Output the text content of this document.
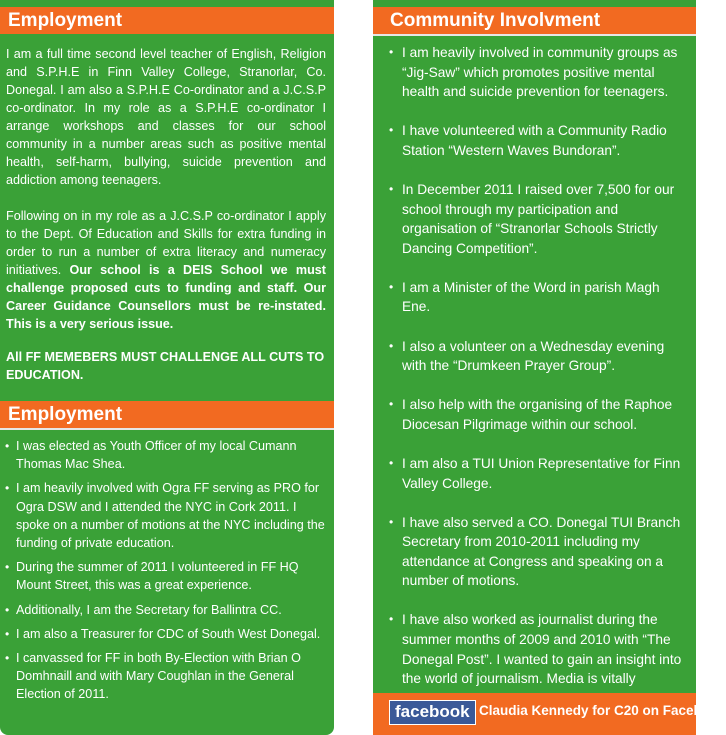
Employment
I am a full time second level teacher of English, Religion and S.P.H.E in Finn Valley College, Stranorlar, Co. Donegal. I am also a S.P.H.E Co-ordinator and a J.C.S.P co-ordinator. In my role as a S.P.H.E co-ordinator I arrange workshops and classes for our school community in a number areas such as positive mental health, self-harm, bullying, suicide prevention and addiction among teenagers.
Following on in my role as a J.C.S.P co-ordinator I apply to the Dept. Of Education and Skills for extra funding in order to run a number of extra literacy and numeracy initiatives. Our school is a DEIS School we must challenge proposed cuts to funding and staff. Our Career Guidance Counsellors must be re-instated. This is a very serious issue.
All FF MEMEBERS MUST CHALLENGE ALL CUTS TO EDUCATION.
Employment
• I was elected as Youth Officer of my local Cumann Thomas Mac Shea.
• I am heavily involved with Ogra FF serving as PRO for Ogra DSW and I attended the NYC in Cork 2011. I spoke on a number of motions at the NYC including the funding of private education.
• During the summer of 2011 I volunteered in FF HQ Mount Street, this was a great experience.
• Additionally, I am the Secretary for Ballintra CC.
• I am also a Treasurer for CDC of South West Donegal.
• I canvassed for FF in both By-Election with Brian O Domhnaill and with Mary Coughlan in the General Election of 2011.
Community Involvment
• I am heavily involved in community groups as “Jig-Saw” which promotes positive mental health and suicide prevention for teenagers.
• I have volunteered with a Community Radio Station “Western Waves Bundoran”.
• In December 2011 I raised over 7,500 for our school through my participation and organisation of “Stranorlar Schools Strictly Dancing Competition”.
• I am a Minister of the Word in parish Magh Ene.
• I also a volunteer on a Wednesday evening with the “Drumkeen Prayer Group”.
• I also help with the organising of the Raphoe Diocesan Pilgrimage within our school.
• I am also a TUI Union Representative for Finn Valley College.
• I have also served a CO. Donegal TUI Branch Secretary from 2010-2011 including my attendance at Congress and speaking on a number of motions.
• I have also worked as journalist during the summer months of 2009 and 2010 with “The Donegal Post”. I wanted to gain an insight into the world of journalism. Media is vitally
facebook Claudia Kennedy for C20 on Facebook
